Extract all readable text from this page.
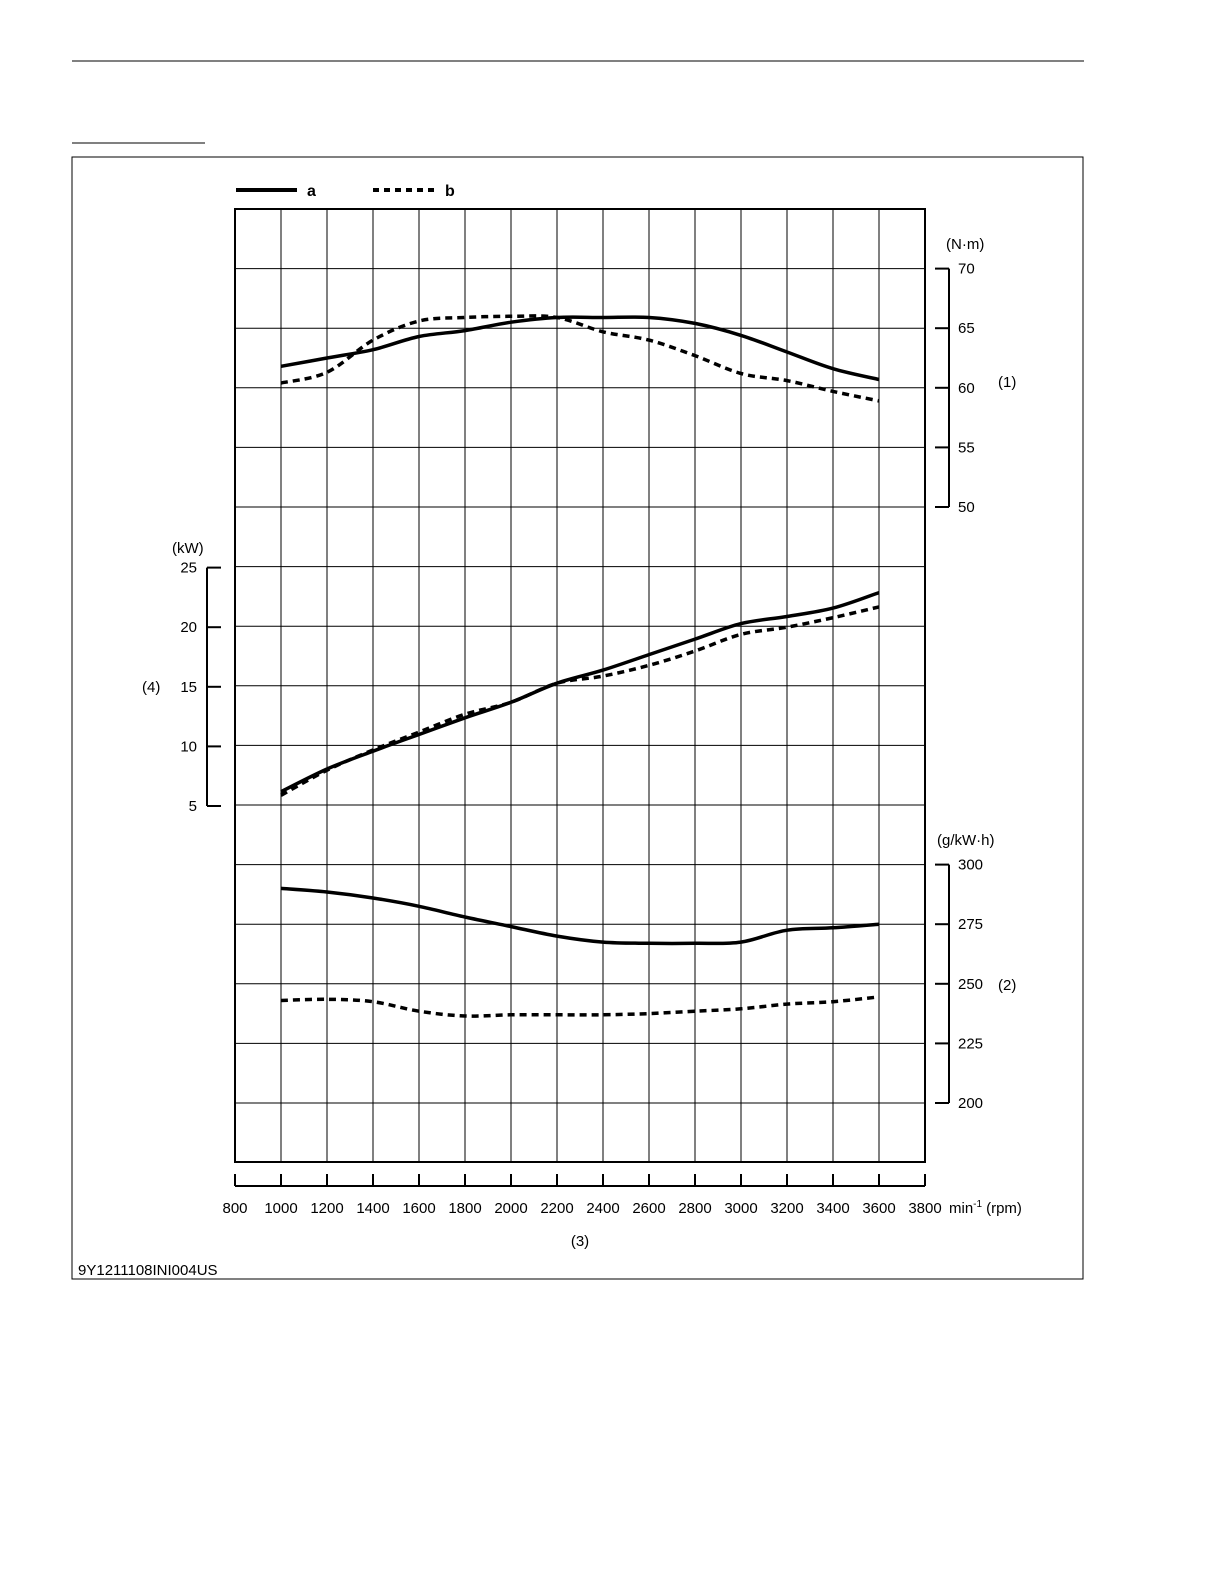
a	b
800 1000 1200 1400 1600 1800 2000 2200 2400 2600 2800 3000 3200 3400 3600 3800 $\min^{-1} (rpm)$
(3)
70
65
60
55
50
(N·m)
(1)
25
20
15
10
5
(kW)
(4)
300
275
250
225
200
(g/kW·h)
(2)
9Y1211108INI004US
